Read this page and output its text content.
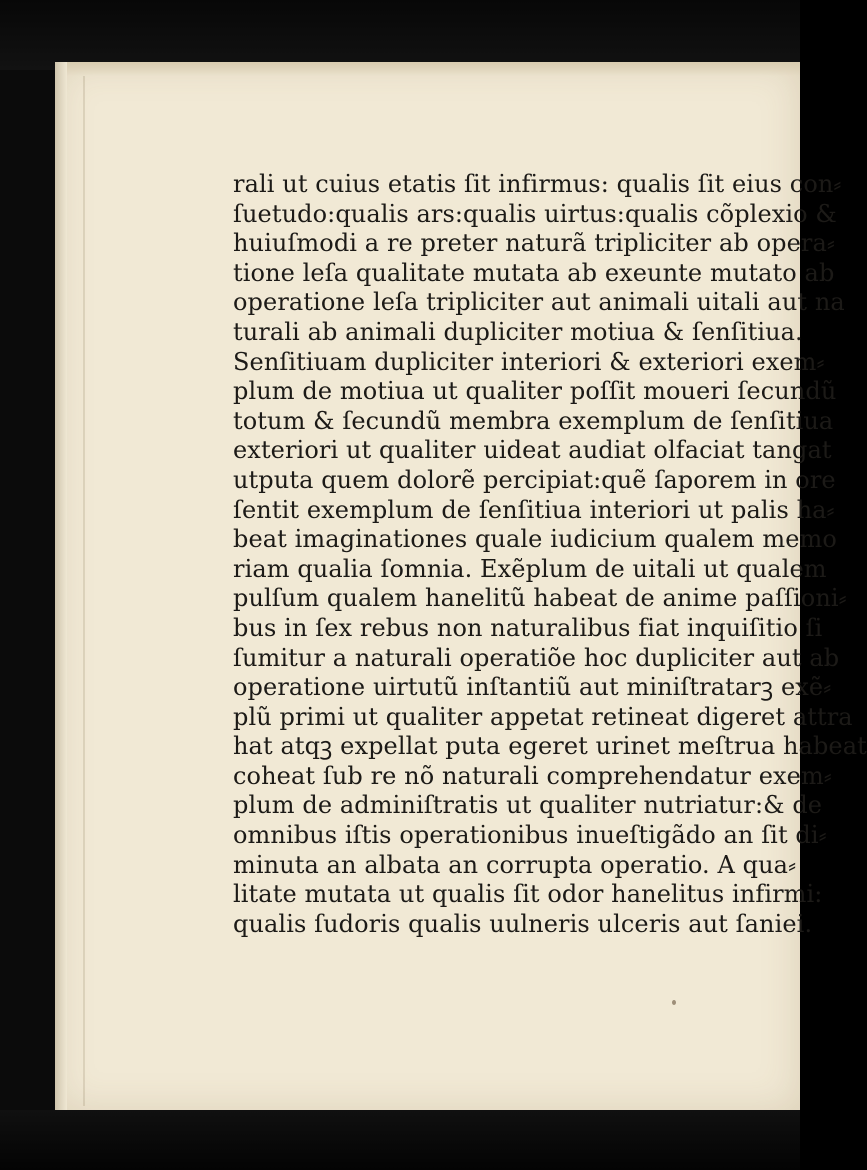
rali ut cuius etatis ſit infirmus: qualis ſit eius con⸗
ſuetudo:qualis ars:qualis uirtus:qualis cõplexio &
huiuſmodi a re preter naturã tripliciter ab opera⸗
tione leſa qualitate mutata ab exeunte mutato ab
operatione leſa tripliciter aut animali uitali aut na
turali ab animali dupliciter motiua & ſenſitiua.
Senſitiuam dupliciter interiori & exteriori exem⸗
plum de motiua ut qualiter poſſit moueri ſecundũ
totum & ſecundũ membra exemplum de ſenſitiua
exteriori ut qualiter uideat audiat olfaciat tangat
utputa quem dolorẽ percipiat:quẽ ſaporem in ore
ſentit exemplum de ſenſitiua interiori ut palis ha⸗
beat imaginationes quale iudicium qualem memo
riam qualia ſomnia. Exẽplum de uitali ut qualem
pulſum qualem hanelitũ habeat de anime paſſioni⸗
bus in ſex rebus non naturalibus fiat inquiſitio ſi
ſumitur a naturali operatiõe hoc dupliciter aut ab
operatione uirtutũ inſtantiũ aut miniſtratarꝫ exẽ⸗
plũ primi ut qualiter appetat retineat digeret attra
hat atqꝫ expellat puta egeret urinet meſtrua habeat
coheat ſub re nõ naturali comprehendatur exem⸗
plum de adminiſtratis ut qualiter nutriatur:& de
omnibus iſtis operationibus inueſtigãdo an ſit di⸗
minuta an albata an corrupta operatio. A qua⸗
litate mutata ut qualis ſit odor hanelitus infirmi:
qualis ſudoris qualis uulneris ulceris aut ſaniei.
